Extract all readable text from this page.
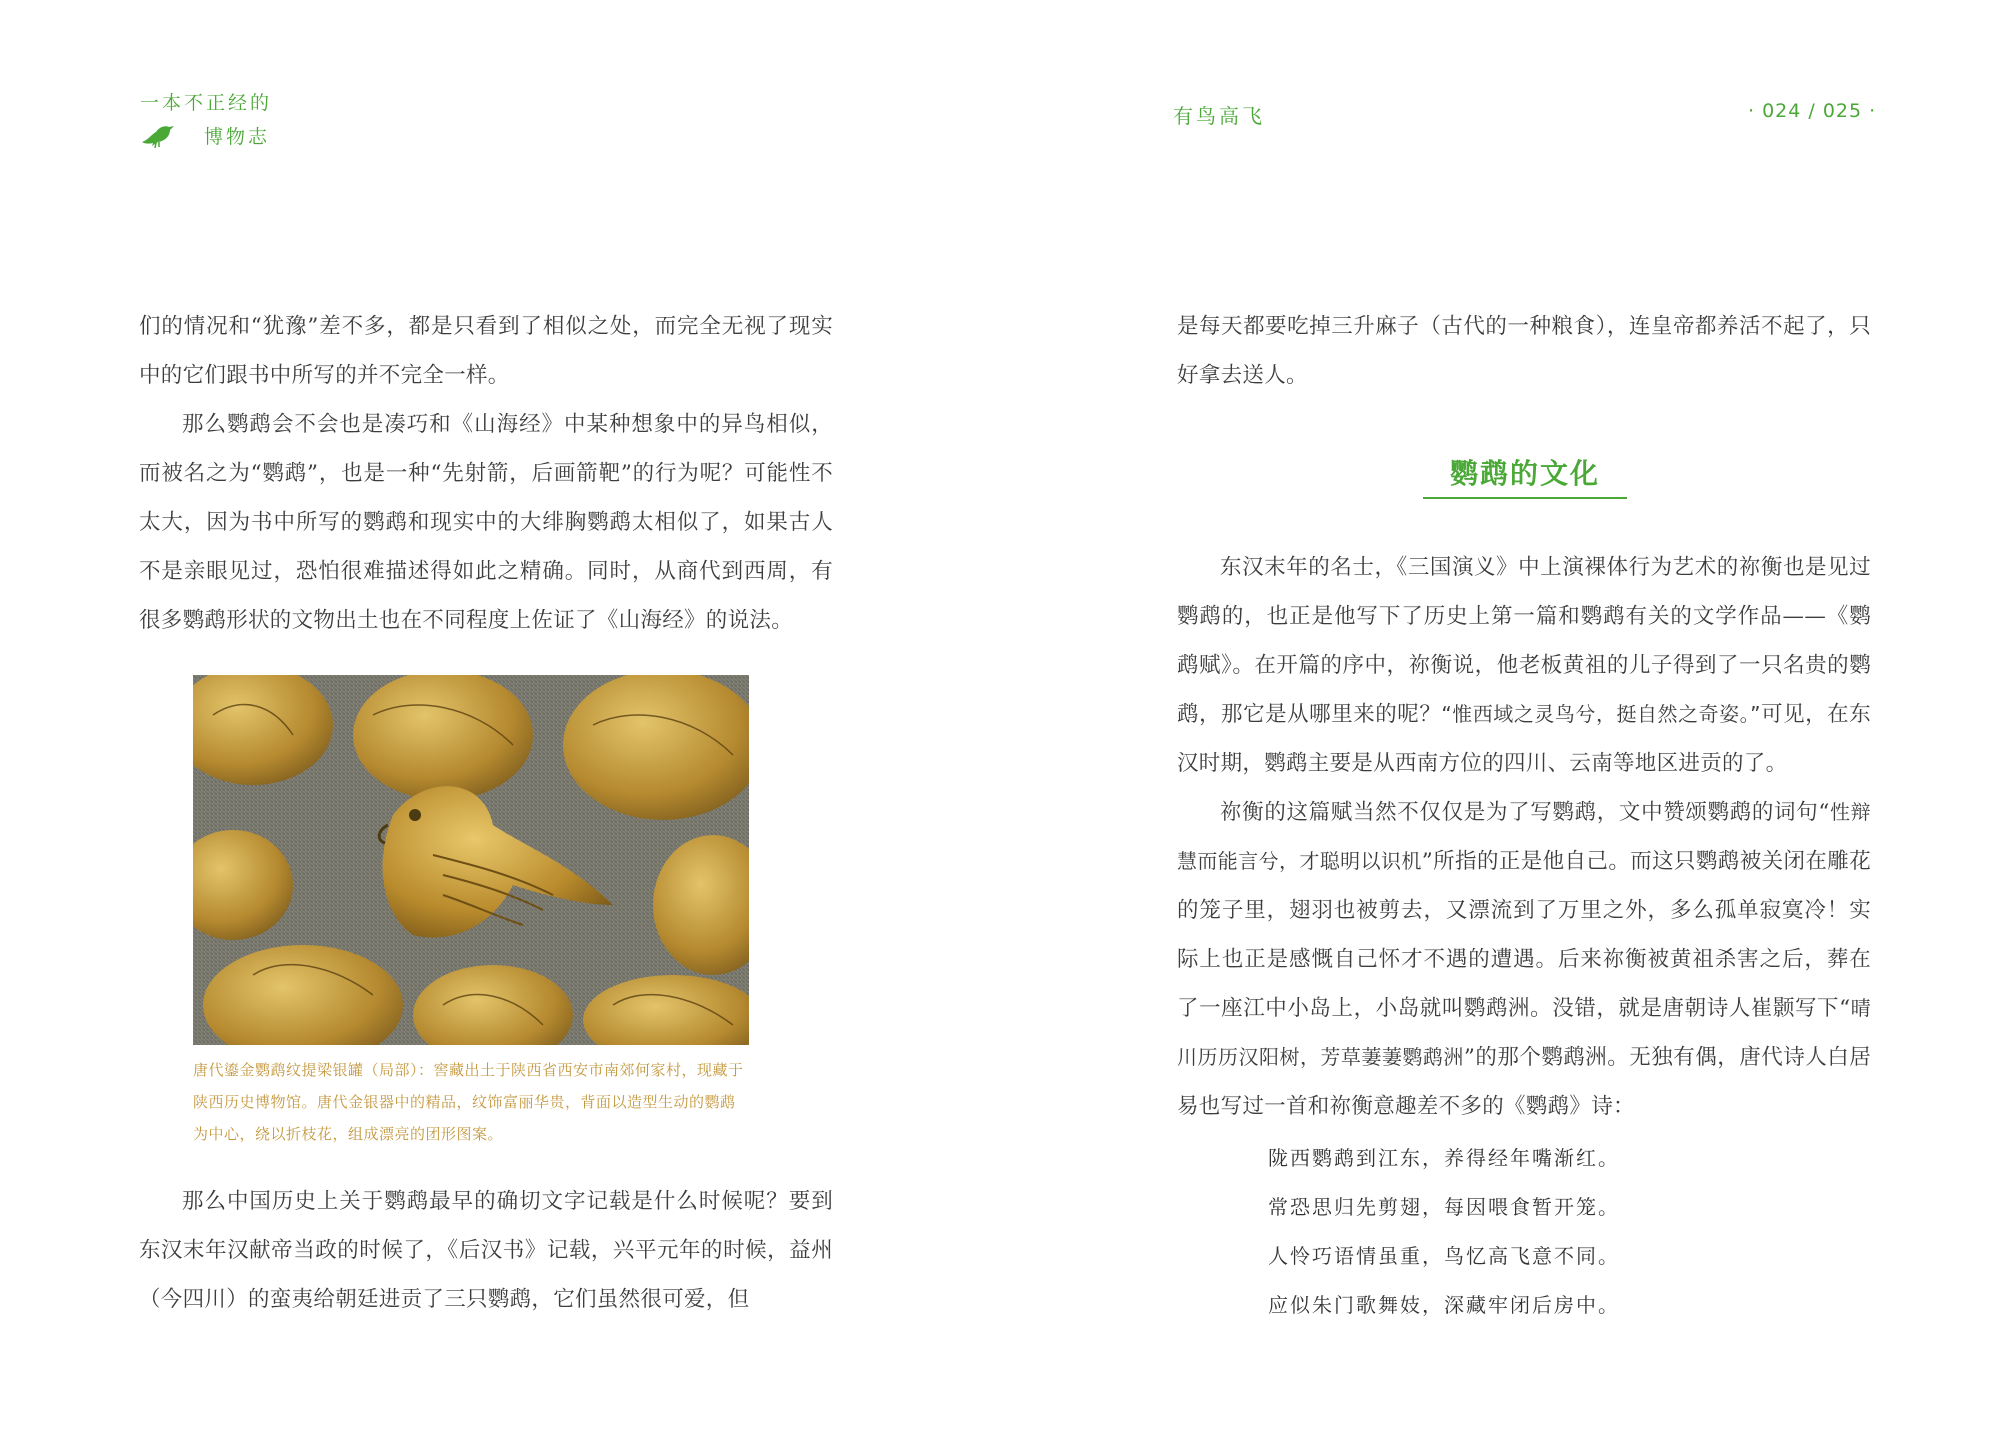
一本不正经的
博物志
有鸟高飞	· 024 / 025 ·

们的情况和“犹豫”差不多，都是只看到了相似之处，而完全无视了现实中的它们跟书中所写的并不完全一样。

那么鹦鹉会不会也是凑巧和《山海经》中某种想象中的异鸟相似，而被名之为“鹦鹉”，也是一种“先射箭，后画箭靶”的行为呢？可能性不太大，因为书中所写的鹦鹉和现实中的大绯胸鹦鹉太相似了，如果古人不是亲眼见过，恐怕很难描述得如此之精确。同时，从商代到西周，有很多鹦鹉形状的文物出土也在不同程度上佐证了《山海经》的说法。

唐代鎏金鹦鹉纹提梁银罐（局部）：窖藏出土于陕西省西安市南郊何家村，现藏于陕西历史博物馆。唐代金银器中的精品，纹饰富丽华贵，背面以造型生动的鹦鹉为中心，绕以折枝花，组成漂亮的团形图案。

那么中国历史上关于鹦鹉最早的确切文字记载是什么时候呢？要到东汉末年汉献帝当政的时候了，《后汉书》记载，兴平元年的时候，益州（今四川）的蛮夷给朝廷进贡了三只鹦鹉，它们虽然很可爱，但

是每天都要吃掉三升麻子（古代的一种粮食），连皇帝都养活不起了，只好拿去送人。

鹦鹉的文化

东汉末年的名士，《三国演义》中上演裸体行为艺术的祢衡也是见过鹦鹉的，也正是他写下了历史上第一篇和鹦鹉有关的文学作品——《鹦鹉赋》。在开篇的序中，祢衡说，他老板黄祖的儿子得到了一只名贵的鹦鹉，那它是从哪里来的呢？“惟西域之灵鸟兮，挺自然之奇姿。”可见，在东汉时期，鹦鹉主要是从西南方位的四川、云南等地区进贡的了。

祢衡的这篇赋当然不仅仅是为了写鹦鹉，文中赞颂鹦鹉的词句“性辩慧而能言兮，才聪明以识机”所指的正是他自己。而这只鹦鹉被关闭在雕花的笼子里，翅羽也被剪去，又漂流到了万里之外，多么孤单寂寞冷！实际上也正是感慨自己怀才不遇的遭遇。后来祢衡被黄祖杀害之后，葬在了一座江中小岛上，小岛就叫鹦鹉洲。没错，就是唐朝诗人崔颢写下“晴川历历汉阳树，芳草萋萋鹦鹉洲”的那个鹦鹉洲。无独有偶，唐代诗人白居易也写过一首和祢衡意趣差不多的《鹦鹉》诗：

陇西鹦鹉到江东，养得经年嘴渐红。

常恐思归先剪翅，每因喂食暂开笼。

人怜巧语情虽重，鸟忆高飞意不同。

应似朱门歌舞妓，深藏牢闭后房中。
